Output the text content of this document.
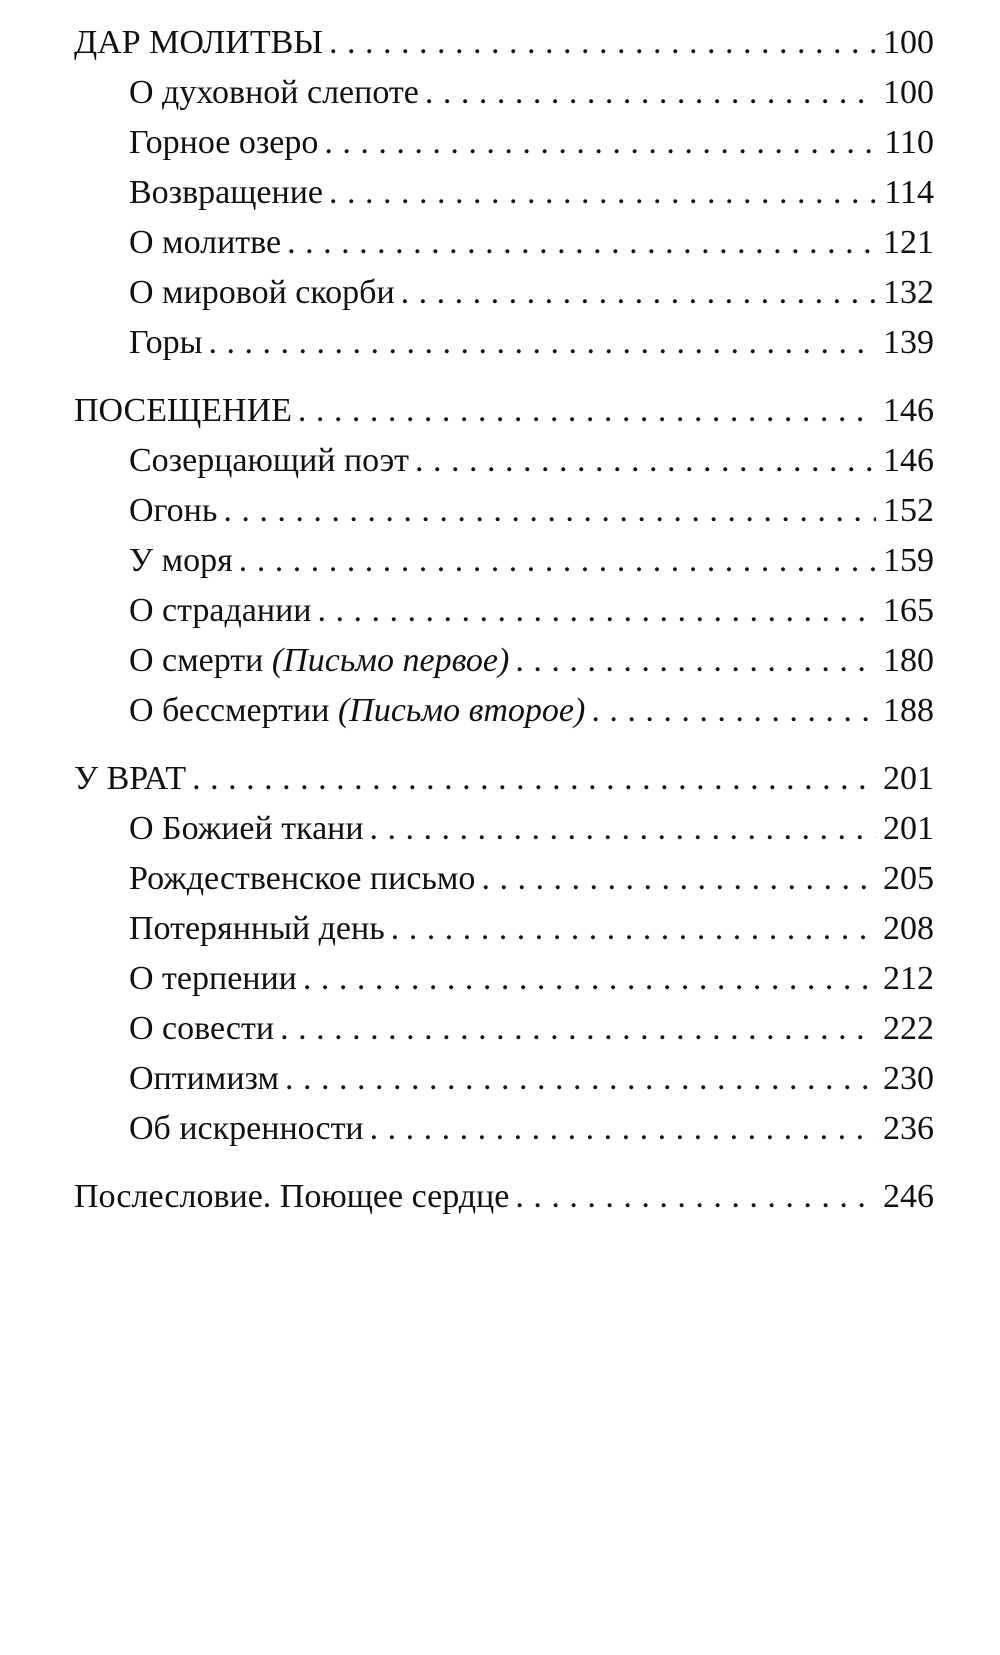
ДАР МОЛИТВЫ . . .	100
О духовной слепоте . . .	100
Горное озеро . . .	110
Возвращение . . .	114
О молитве . . .	121
О мировой скорби . . .	132
Горы . . .	139
ПОСЕЩЕНИЕ . . .	146
Созерцающий поэт . . .	146
Огонь . . .	152
У моря . . .	159
О страдании . . .	165
О смерти (Письмо первое) . . .	180
О бессмертии (Письмо второе) . . .	188
У ВРАТ . . .	201
О Божией ткани . . .	201
Рождественское письмо . . .	205
Потерянный день . . .	208
О терпении . . .	212
О совести . . .	222
Оптимизм . . .	230
Об искренности . . .	236
Послесловие. Поющее сердце . . .	246
